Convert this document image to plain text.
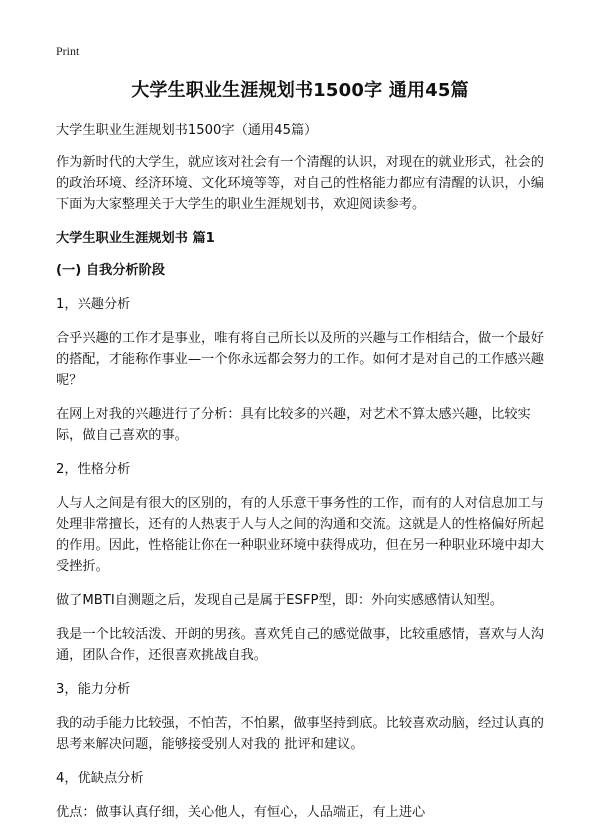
Print
大学生职业生涯规划书1500字 通用45篇

大学生职业生涯规划书1500字（通用45篇）

作为新时代的大学生，就应该对社会有一个清醒的认识，对现在的就业形式，社会的的政治环境、经济环境、文化环境等等，对自己的性格能力都应有清醒的认识，小编下面为大家整理关于大学生的职业生涯规划书，欢迎阅读参考。

大学生职业生涯规划书 篇1

(一) 自我分析阶段

1，兴趣分析

合乎兴趣的工作才是事业，唯有将自己所长以及所的兴趣与工作相结合，做一个最好的搭配，才能称作事业—一个你永远都会努力的工作。如何才是对自己的工作感兴趣呢？

在网上对我的兴趣进行了分析：具有比较多的兴趣，对艺术不算太感兴趣，比较实际，做自己喜欢的事。

2，性格分析

人与人之间是有很大的区别的，有的人乐意干事务性的工作，而有的人对信息加工与处理非常擅长，还有的人热衷于人与人之间的沟通和交流。这就是人的性格偏好所起的作用。因此，性格能让你在一种职业环境中获得成功，但在另一种职业环境中却大受挫折。

做了MBTI自测题之后，发现自己是属于ESFP型，即：外向实感感情认知型。

我是一个比较活泼、开朗的男孩。喜欢凭自己的感觉做事，比较重感情，喜欢与人沟通，团队合作，还很喜欢挑战自我。

3，能力分析

我的动手能力比较强，不怕苦，不怕累，做事坚持到底。比较喜欢动脑，经过认真的思考来解决问题，能够接受别人对我的 批评和建议。

4，优缺点分析

优点：做事认真仔细，关心他人，有恒心，人品端正，有上进心
